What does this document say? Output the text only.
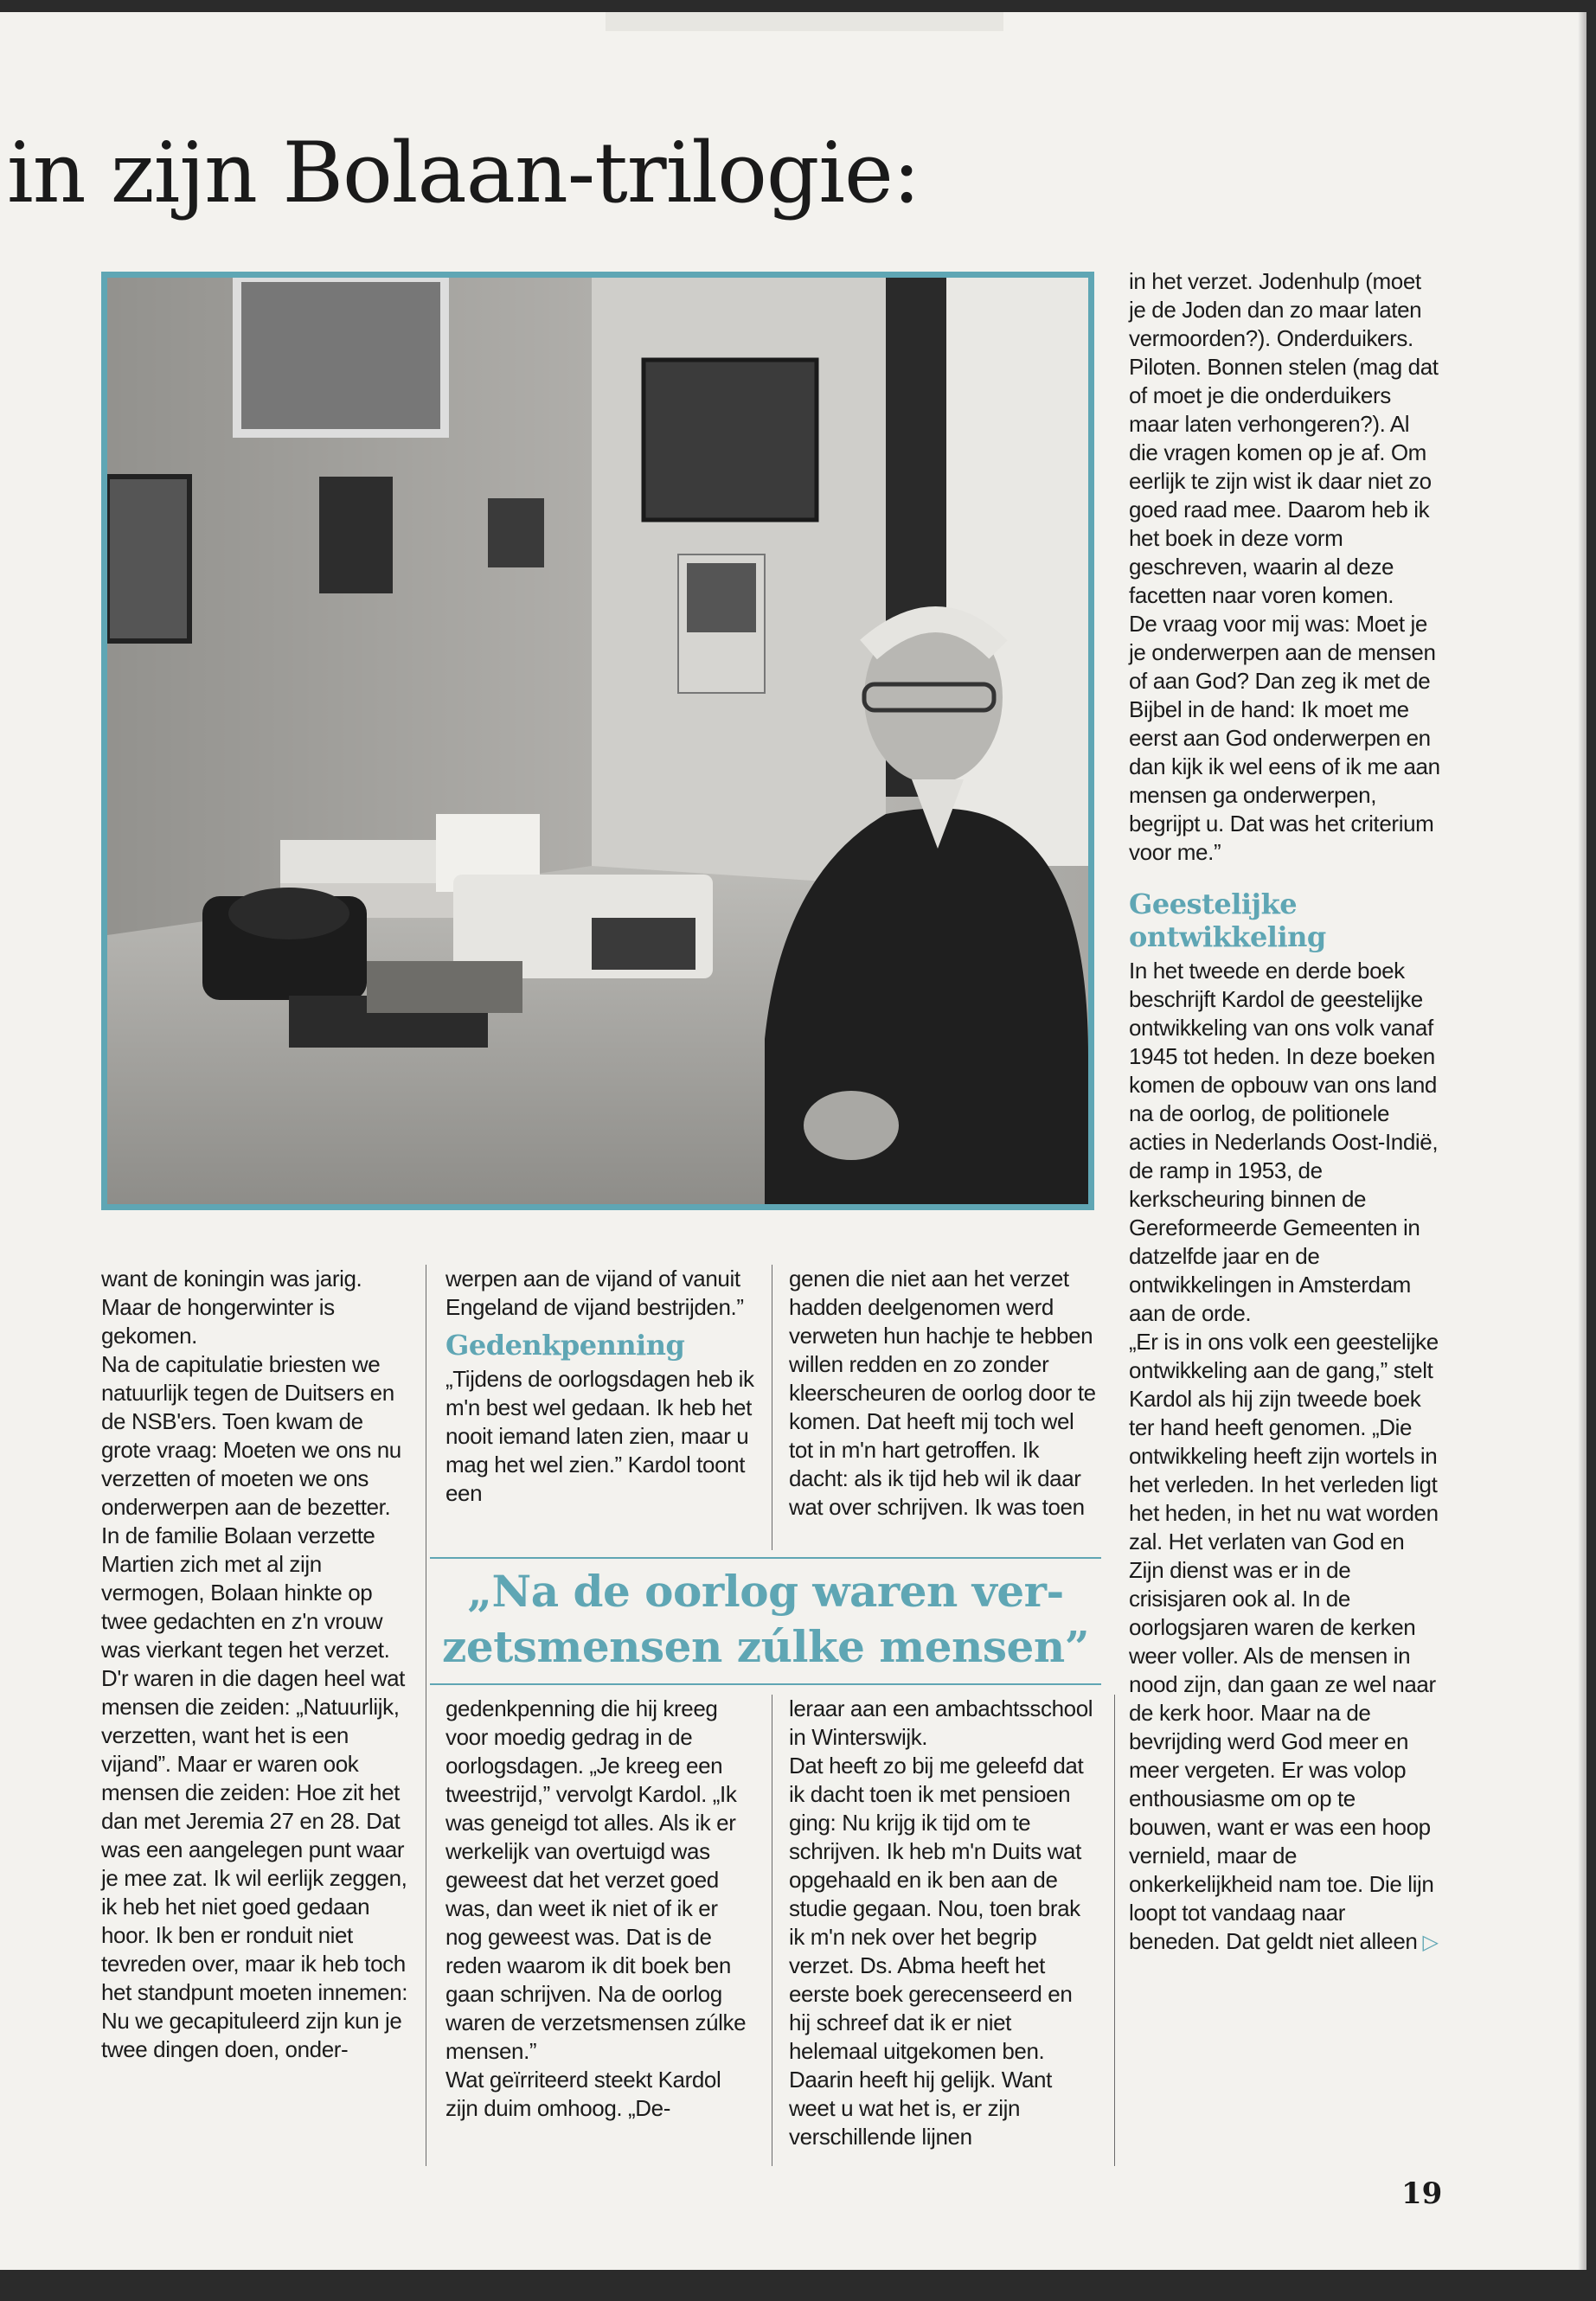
in zijn Bolaan-trilogie:

in het verzet. Jodenhulp (moet je de Joden dan zo maar laten vermoorden?). Onderduikers. Piloten. Bonnen stelen (mag dat of moet je die onderduikers maar laten verhongeren?). Al die vragen komen op je af. Om eerlijk te zijn wist ik daar niet zo goed raad mee. Daarom heb ik het boek in deze vorm geschreven, waarin al deze facetten naar voren komen.

De vraag voor mij was: Moet je je onderwerpen aan de mensen of aan God? Dan zeg ik met de Bijbel in de hand: Ik moet me eerst aan God onderwerpen en dan kijk ik wel eens of ik me aan mensen ga onderwerpen, begrijpt u. Dat was het criterium voor me.”

Geestelijke ontwikkeling

In het tweede en derde boek beschrijft Kardol de geestelijke ontwikkeling van ons volk vanaf 1945 tot heden. In deze boeken komen de opbouw van ons land na de oorlog, de politionele acties in Nederlands Oost-Indië, de ramp in 1953, de kerkscheuring binnen de Gereformeerde Gemeenten in datzelfde jaar en de ontwikkelingen in Amsterdam aan de orde.

„Er is in ons volk een geestelijke ontwikkeling aan de gang,” stelt Kardol als hij zijn tweede boek ter hand heeft genomen. „Die ontwikkeling heeft zijn wortels in het verleden. In het verleden ligt het heden, in het nu wat worden zal. Het verlaten van God en Zijn dienst was er in de crisisjaren ook al. In de oorlogsjaren waren de kerken weer voller. Als de mensen in nood zijn, dan gaan ze wel naar de kerk hoor. Maar na de bevrijding werd God meer en meer vergeten. Er was volop enthousiasme om op te bouwen, want er was een hoop vernield, maar de onkerkelijkheid nam toe. Die lijn loopt tot vandaag naar beneden. Dat geldt niet alleen ▷

want de koningin was jarig. Maar de hongerwinter is gekomen.

Na de capitulatie briesten we natuurlijk tegen de Duitsers en de NSB'ers. Toen kwam de grote vraag: Moeten we ons nu verzetten of moeten we ons onderwerpen aan de bezetter.

In de familie Bolaan verzette Martien zich met al zijn vermogen, Bolaan hinkte op twee gedachten en z'n vrouw was vierkant tegen het verzet. D'r waren in die dagen heel wat mensen die zeiden: „Natuurlijk, verzetten, want het is een vijand”. Maar er waren ook mensen die zeiden: Hoe zit het dan met Jeremia 27 en 28. Dat was een aangelegen punt waar je mee zat. Ik wil eerlijk zeggen, ik heb het niet goed gedaan hoor. Ik ben er ronduit niet tevreden over, maar ik heb toch het standpunt moeten innemen: Nu we gecapituleerd zijn kun je twee dingen doen, onder-

werpen aan de vijand of vanuit Engeland de vijand bestrijden.”

Gedenkpenning

„Tijdens de oorlogsdagen heb ik m'n best wel gedaan. Ik heb het nooit iemand laten zien, maar u mag het wel zien.” Kardol toont een

genen die niet aan het verzet hadden deelgenomen werd verweten hun hachje te hebben willen redden en zo zonder kleerscheuren de oorlog door te komen. Dat heeft mij toch wel tot in m'n hart getroffen. Ik dacht: als ik tijd heb wil ik daar wat over schrijven. Ik was toen

„Na de oorlog waren ver-
zetsmensen zúlke mensen”

gedenkpenning die hij kreeg voor moedig gedrag in de oorlogsdagen. „Je kreeg een tweestrijd,” vervolgt Kardol. „Ik was geneigd tot alles. Als ik er werkelijk van overtuigd was geweest dat het verzet goed was, dan weet ik niet of ik er nog geweest was. Dat is de reden waarom ik dit boek ben gaan schrijven. Na de oorlog waren de verzetsmensen zúlke mensen.”

Wat geïrriteerd steekt Kardol zijn duim omhoog. „De-

leraar aan een ambachtsschool in Winterswijk.

Dat heeft zo bij me geleefd dat ik dacht toen ik met pensioen ging: Nu krijg ik tijd om te schrijven. Ik heb m'n Duits wat opgehaald en ik ben aan de studie gegaan. Nou, toen brak ik m'n nek over het begrip verzet. Ds. Abma heeft het eerste boek gerecenseerd en hij schreef dat ik er niet helemaal uitgekomen ben. Daarin heeft hij gelijk. Want weet u wat het is, er zijn verschillende lijnen

19
